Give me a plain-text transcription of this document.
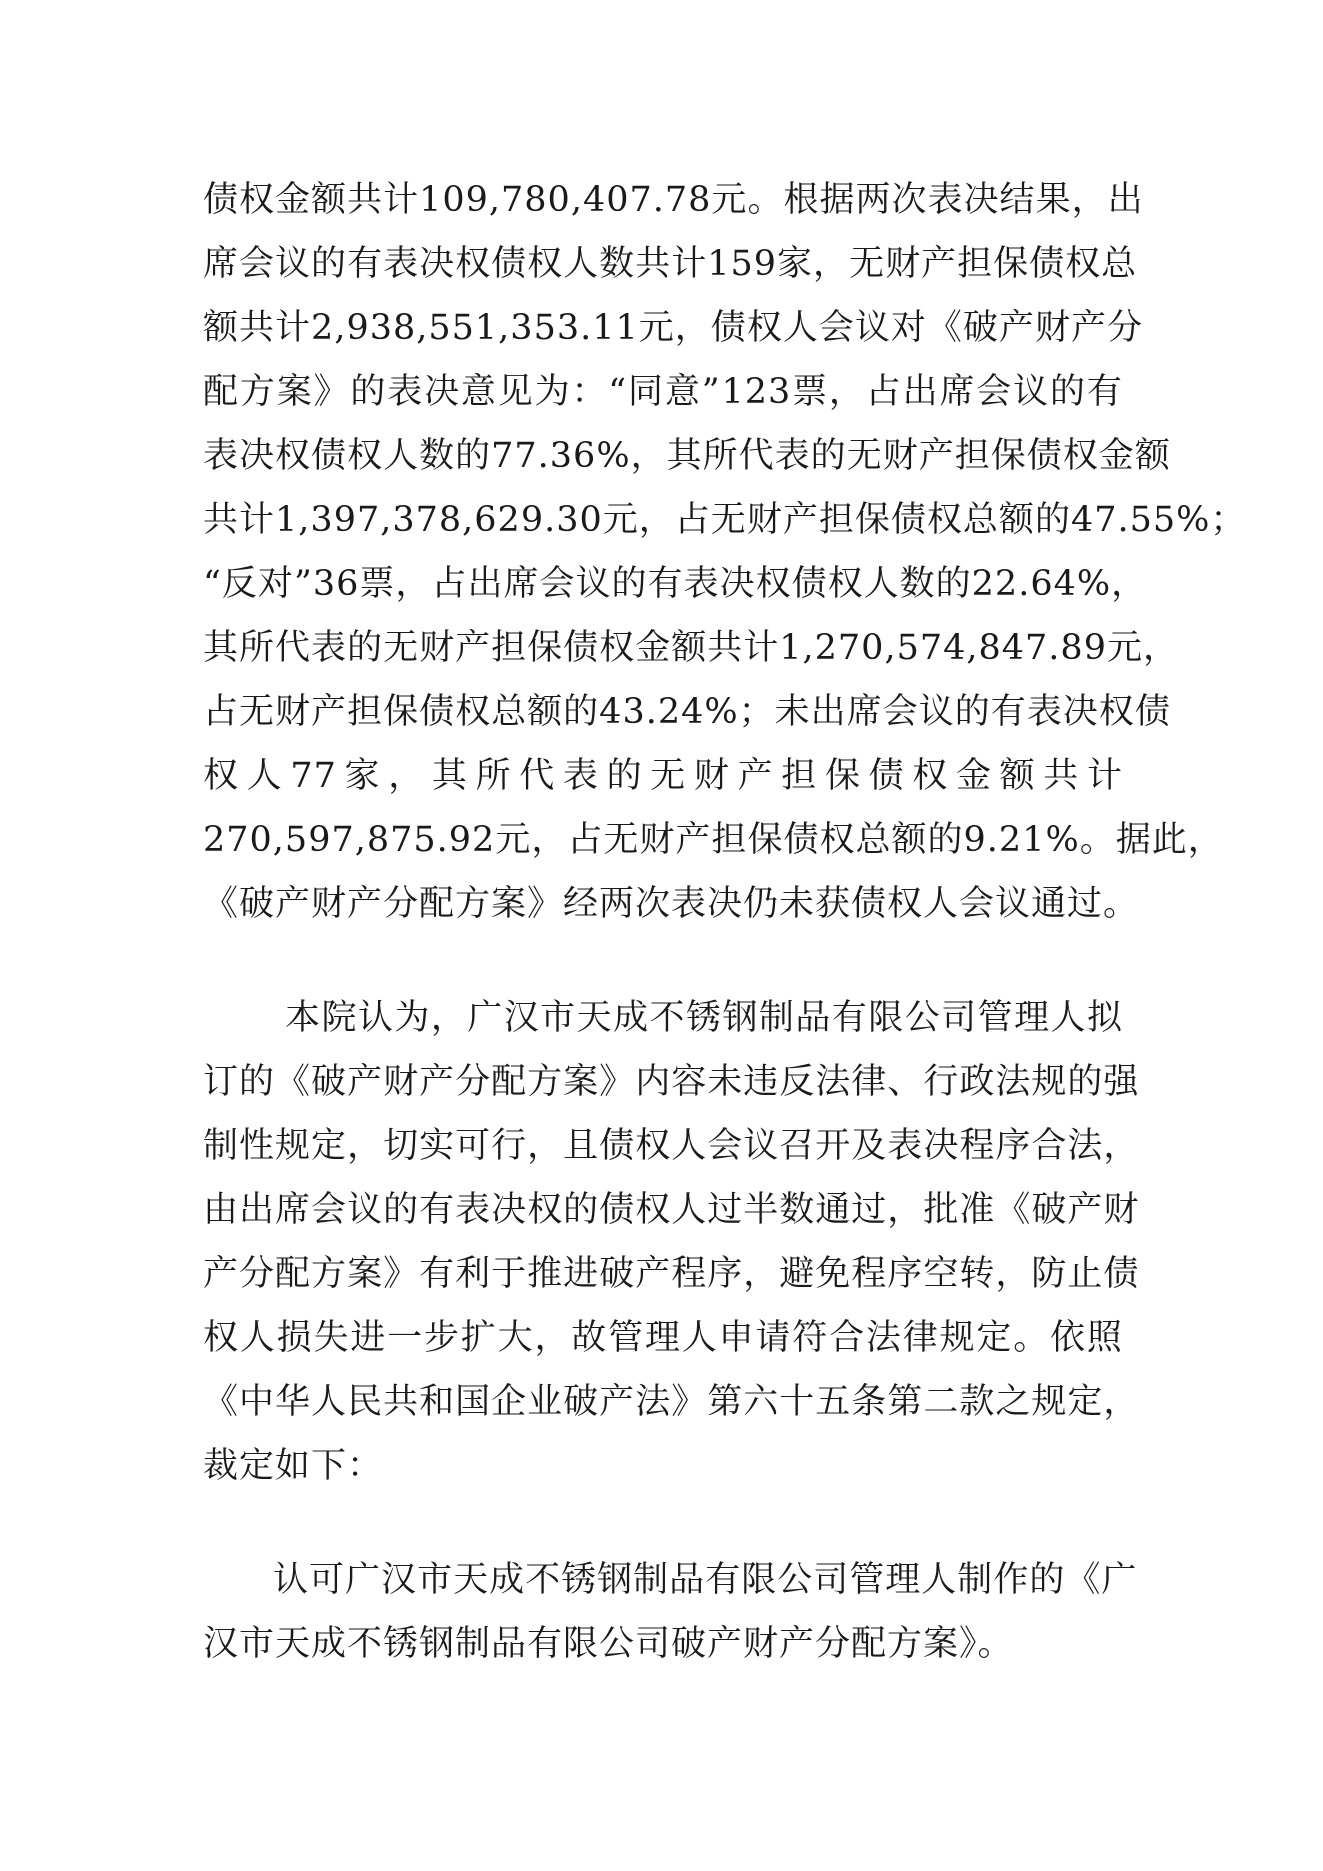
债 权 金 额 共 计 109,780,407.78 元 。 根 据 两 次 表 决 结 果 ， 出
席 会 议 的 有 表 决 权 债 权 人 数 共 计 159 家 ， 无 财 产 担 保 债 权 总
额 共 计 2,938,551,353.11 元 ， 债 权 人 会 议 对 《 破 产 财 产 分
配 方 案 》 的 表 决 意 见 为 ： “ 同 意 ” 123 票 ， 占 出 席 会 议 的 有
表 决 权 债 权 人 数 的 77.36% ， 其 所 代 表 的 无 财 产 担 保 债 权 金 额
共 计 1,397,378,629.30 元 ， 占 无 财 产 担 保 债 权 总 额 的 47.55% ；
“ 反 对 ” 36 票 ， 占 出 席 会 议 的 有 表 决 权 债 权 人 数 的 22.64% ，
其 所 代 表 的 无 财 产 担 保 债 权 金 额 共 计 1,270,574,847.89 元 ，
占 无 财 产 担 保 债 权 总 额 的 43.24% ； 未 出 席 会 议 的 有 表 决 权 债
权 人 77 家 ， 其 所 代 表 的 无 财 产 担 保 债 权 金 额 共 计
270,597,875.92 元 ， 占 无 财 产 担 保 债 权 总 额 的 9.21% 。 据 此 ，
《破产财产分配方案》经两次表决仍未获债权人会议通过。
本 院 认 为 ， 广 汉 市 天 成 不 锈 钢 制 品 有 限 公 司 管 理 人 拟
订 的 《 破 产 财 产 分 配 方 案 》 内 容 未 违 反 法 律 、 行 政 法 规 的 强
制 性 规 定 ， 切 实 可 行 ， 且 债 权 人 会 议 召 开 及 表 决 程 序 合 法 ，
由 出 席 会 议 的 有 表 决 权 的 债 权 人 过 半 数 通 过 ， 批 准 《 破 产 财
产 分 配 方 案 》 有 利 于 推 进 破 产 程 序 ， 避 免 程 序 空 转 ， 防 止 债
权 人 损 失 进 一 步 扩 大 ， 故 管 理 人 申 请 符 合 法 律 规 定 。 依 照
《 中 华 人 民 共 和 国 企 业 破 产 法 》 第 六 十 五 条 第 二 款 之 规 定 ，
裁定如下：
认 可 广 汉 市 天 成 不 锈 钢 制 品 有 限 公 司 管 理 人 制 作 的 《 广
汉市天成不锈钢制品有限公司破产财产分配方案》。
